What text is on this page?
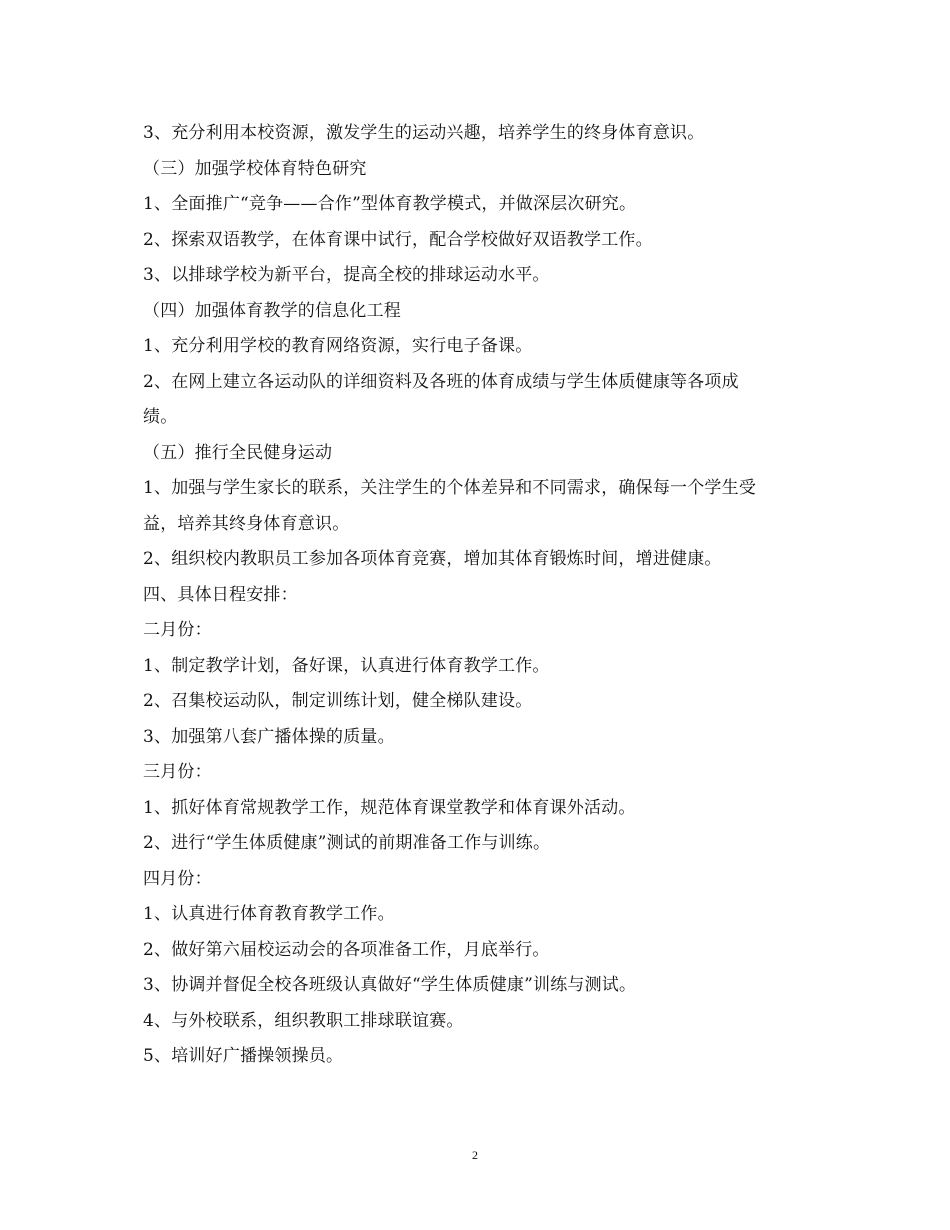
3、充分利用本校资源，激发学生的运动兴趣，培养学生的终身体育意识。
（三）加强学校体育特色研究
1、全面推广“竞争——合作”型体育教学模式，并做深层次研究。
2、探索双语教学，在体育课中试行，配合学校做好双语教学工作。
3、以排球学校为新平台，提高全校的排球运动水平。
（四）加强体育教学的信息化工程
1、充分利用学校的教育网络资源，实行电子备课。
2、在网上建立各运动队的详细资料及各班的体育成绩与学生体质健康等各项成
绩。
（五）推行全民健身运动
1、加强与学生家长的联系，关注学生的个体差异和不同需求，确保每一个学生受
益，培养其终身体育意识。
2、组织校内教职员工参加各项体育竞赛，增加其体育锻炼时间，增进健康。
四、具体日程安排：
二月份：
1、制定教学计划，备好课，认真进行体育教学工作。
2、召集校运动队，制定训练计划，健全梯队建设。
3、加强第八套广播体操的质量。
三月份：
1、抓好体育常规教学工作，规范体育课堂教学和体育课外活动。
2、进行“学生体质健康”测试的前期准备工作与训练。
四月份：
1、认真进行体育教育教学工作。
2、做好第六届校运动会的各项准备工作，月底举行。
3、协调并督促全校各班级认真做好“学生体质健康”训练与测试。
4、与外校联系，组织教职工排球联谊赛。
5、培训好广播操领操员。
2
